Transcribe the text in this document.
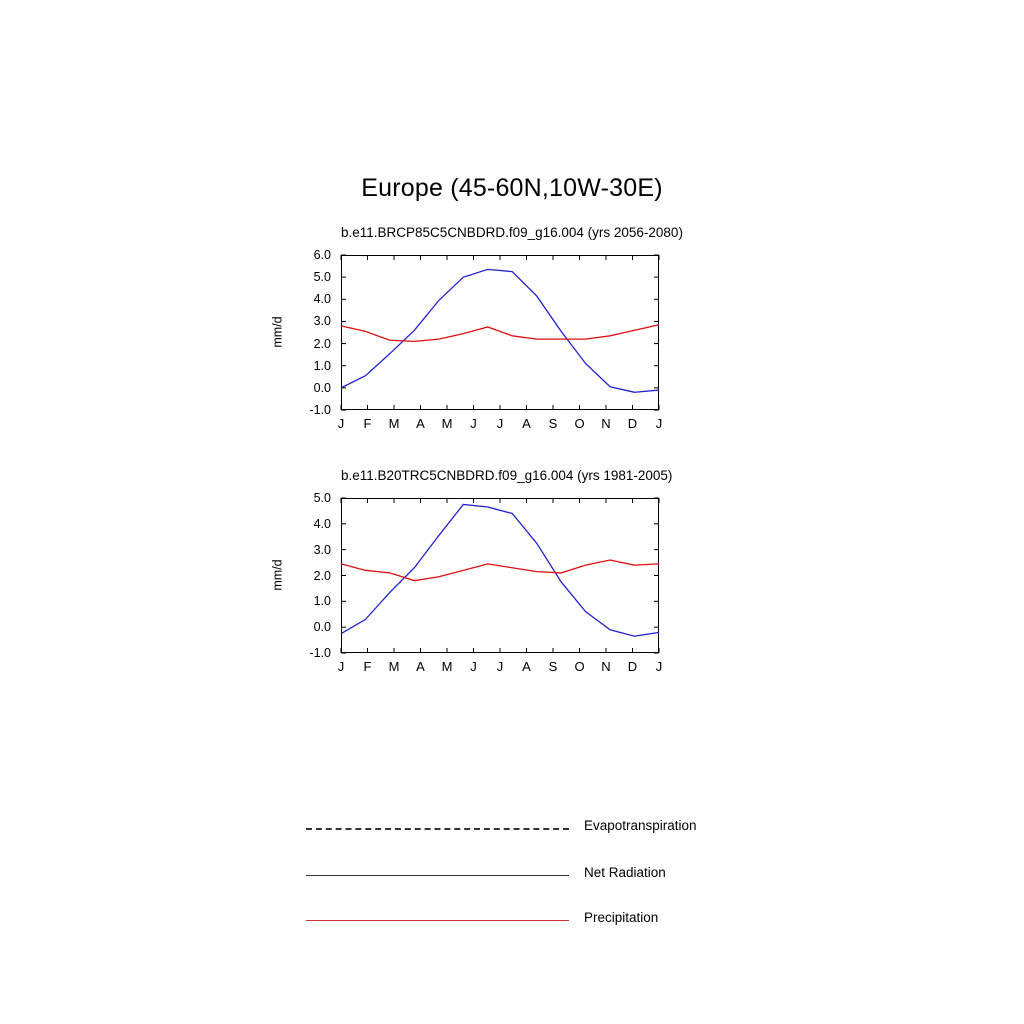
Europe (45-60N,10W-30E)
b.e11.BRCP85C5CNBDRD.f09_g16.004 (yrs 2056-2080)
mm/d
6.0
5.0
4.0
3.0
2.0
1.0
0.0
-1.0
J F M A M J J A S O N D J
b.e11.B20TRC5CNBDRD.f09_g16.004 (yrs 1981-2005)
mm/d
5.0
4.0
3.0
2.0
1.0
0.0
-1.0
J F M A M J J A S O N D J
Evapotranspiration
Net Radiation
Precipitation
